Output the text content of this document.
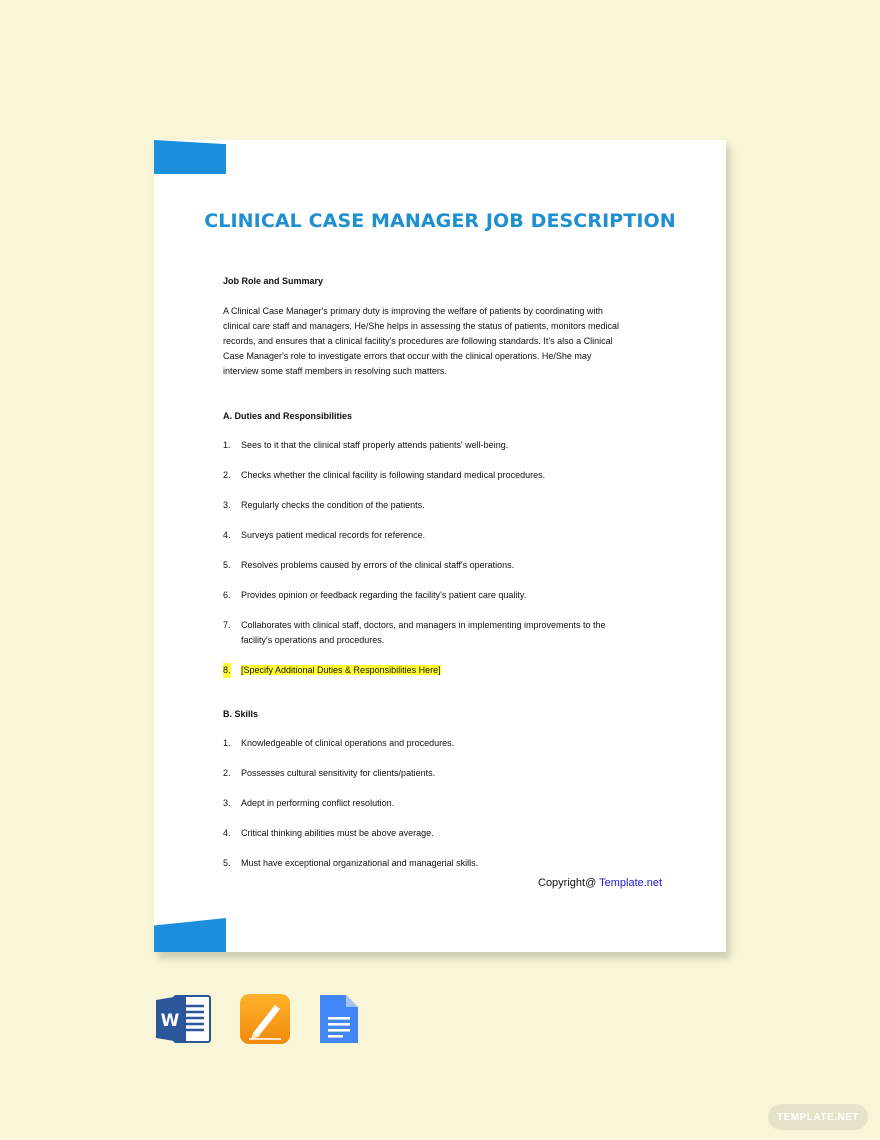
CLINICAL CASE MANAGER JOB DESCRIPTION
Job Role and Summary
A Clinical Case Manager's primary duty is improving the welfare of patients by coordinating with
clinical care staff and managers. He/She helps in assessing the status of patients, monitors medical
records, and ensures that a clinical facility's procedures are following standards. It's also a Clinical
Case Manager's role to investigate errors that occur with the clinical operations. He/She may
interview some staff members in resolving such matters.
A. Duties and Responsibilities
1. Sees to it that the clinical staff properly attends patients' well-being.
2. Checks whether the clinical facility is following standard medical procedures.
3. Regularly checks the condition of the patients.
4. Surveys patient medical records for reference.
5. Resolves problems caused by errors of the clinical staff's operations.
6. Provides opinion or feedback regarding the facility's patient care quality.
7. Collaborates with clinical staff, doctors, and managers in implementing improvements to the
facility's operations and procedures.
8. [Specify Additional Duties & Responsibilities Here]
B. Skills
1. Knowledgeable of clinical operations and procedures.
2. Possesses cultural sensitivity for clients/patients.
3. Adept in performing conflict resolution.
4. Critical thinking abilities must be above average.
5. Must have exceptional organizational and managerial skills.
Copyright@ Template.net
W
TEMPLATE.NET
